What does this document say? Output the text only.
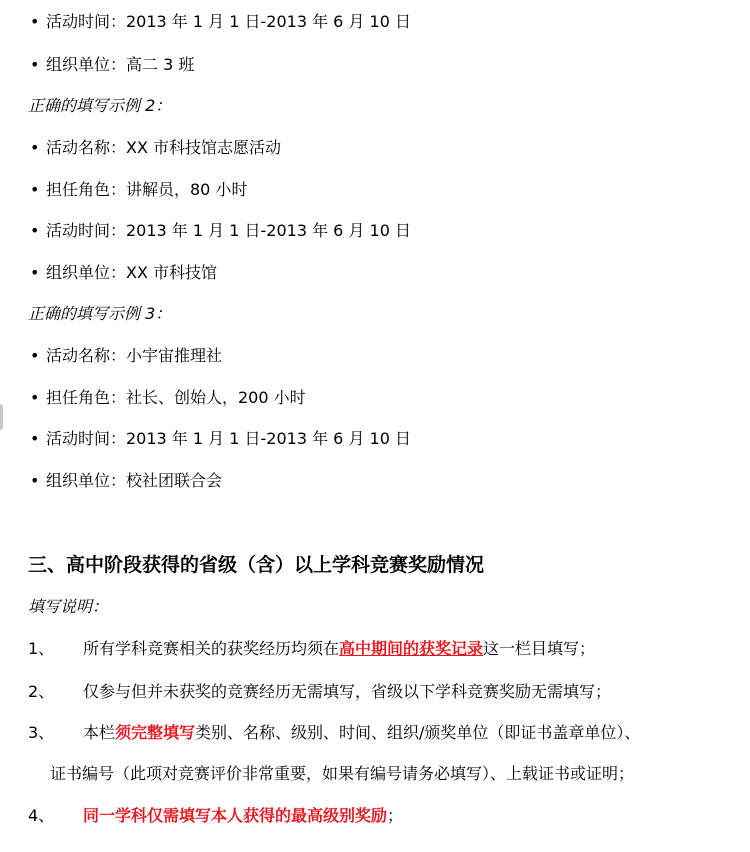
• 活动时间：2013 年 1 月 1 日-2013 年 6 月 10 日
• 组织单位：高二 3 班
正确的填写示例 2：
• 活动名称：XX 市科技馆志愿活动
• 担任角色：讲解员，80 小时
• 活动时间：2013 年 1 月 1 日-2013 年 6 月 10 日
• 组织单位：XX 市科技馆
正确的填写示例 3：
• 活动名称：小宇宙推理社
• 担任角色：社长、创始人，200 小时
• 活动时间：2013 年 1 月 1 日-2013 年 6 月 10 日
• 组织单位：校社团联合会
三、高中阶段获得的省级（含）以上学科竞赛奖励情况
填写说明：
1、 所有学科竞赛相关的获奖经历均须在高中期间的获奖记录这一栏目填写；
2、 仅参与但并未获奖的竞赛经历无需填写，省级以下学科竞赛奖励无需填写；
3、 本栏须完整填写类别、名称、级别、时间、组织/颁奖单位（即证书盖章单位）、
证书编号（此项对竞赛评价非常重要，如果有编号请务必填写）、上载证书或证明；
4、 同一学科仅需填写本人获得的最高级别奖励；
